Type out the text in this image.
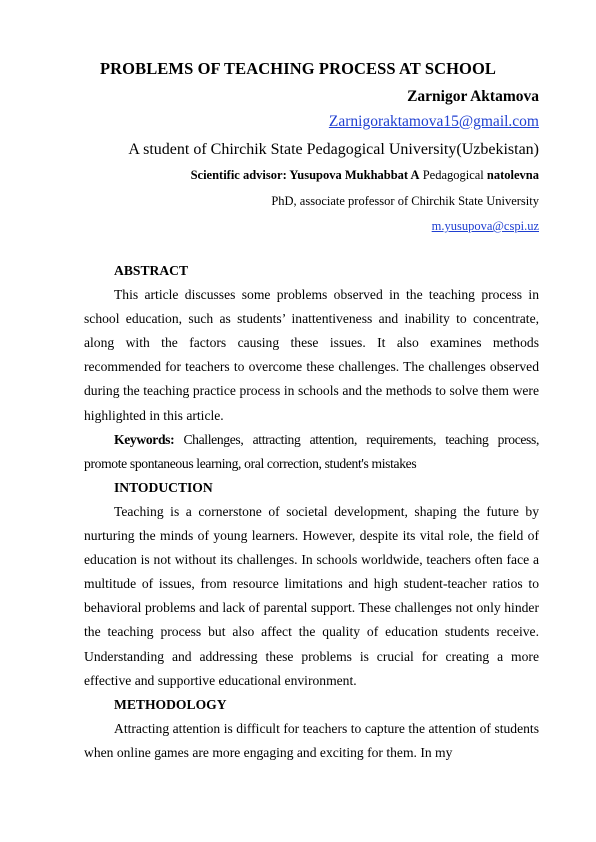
PROBLEMS OF TEACHING PROCESS AT SCHOOL
Zarnigor Aktamova
Zarnigoraktamova15@gmail.com
A student of Chirchik State Pedagogical University(Uzbekistan)
Scientific advisor: Yusupova Mukhabbat A Pedagogical natolevna
PhD, associate professor of Chirchik State University
m.yusupova@cspi.uz
ABSTRACT

This article discusses some problems observed in the teaching process in school education, such as students’ inattentiveness and inability to concentrate, along with the factors causing these issues. It also examines methods recommended for teachers to overcome these challenges. The challenges observed during the teaching practice process in schools and the methods to solve them were highlighted in this article.

Keywords: Challenges, attracting attention, requirements, teaching process, promote spontaneous learning, oral correction, student's mistakes

INTODUCTION

Teaching is a cornerstone of societal development, shaping the future by nurturing the minds of young learners. However, despite its vital role, the field of education is not without its challenges. In schools worldwide, teachers often face a multitude of issues, from resource limitations and high student-teacher ratios to behavioral problems and lack of parental support. These challenges not only hinder the teaching process but also affect the quality of education students receive. Understanding and addressing these problems is crucial for creating a more effective and supportive educational environment.

METHODOLOGY

Attracting attention is difficult for teachers to capture the attention of students when online games are more engaging and exciting for them. In my
